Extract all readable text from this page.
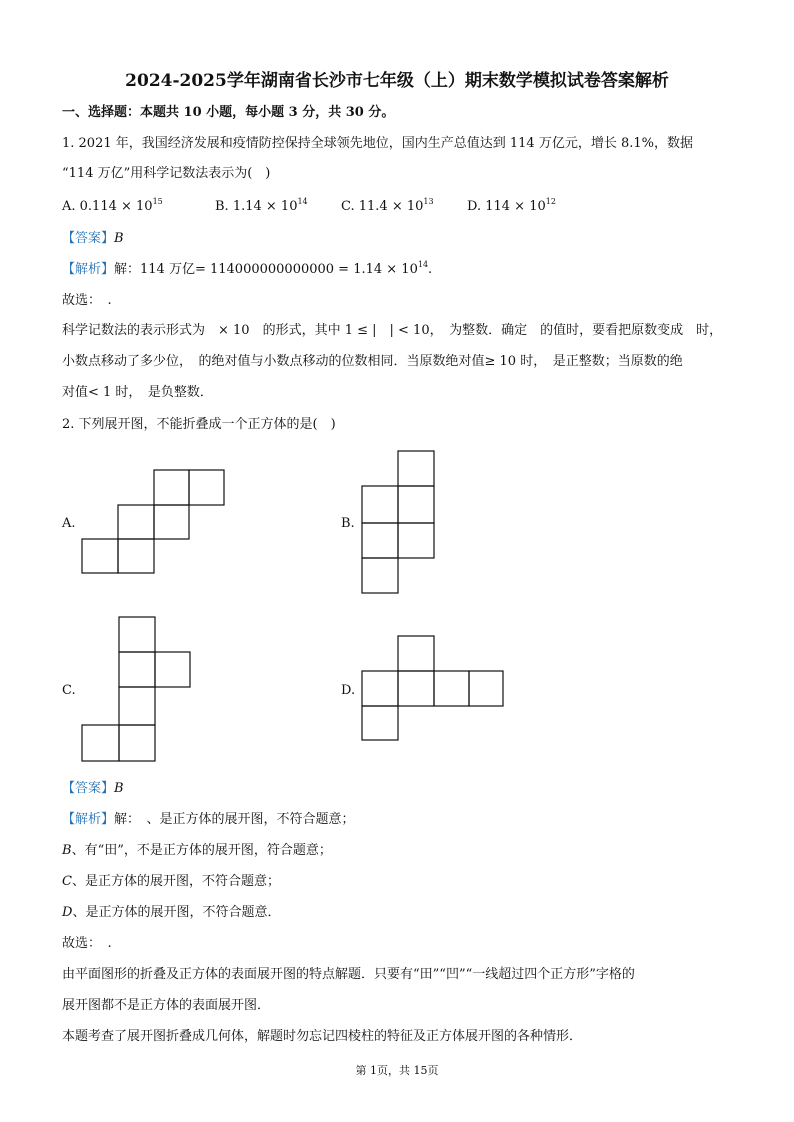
2024-2025学年湖南省长沙市七年级（上）期末数学模拟试卷答案解析
一、选择题：本题共 10 小题，每小题 3 分，共 30 分。
1. 2021 年，我国经济发展和疫情防控保持全球领先地位，国内生产总值达到 114 万亿元，增长 8.1%，数据
“114 万亿”用科学记数法表示为(　)
A. $0.114 \times 10^{15}$	B. $1.14 \times 10^{14}$	C. $11.4 \times 10^{13}$	D. $114 \times 10^{12}$
【答案】B
【解析】解：114 万亿= $114000000000000 = 1.14 \times 10^{14}$.
故选：　.
科学记数法的表示形式为　× 10　的形式，其中 1 ≤ |　| < 10，　为整数．确定　的值时，要看把原数变成　时，
小数点移动了多少位，　的绝对值与小数点移动的位数相同．当原数绝对值≥ 10 时，　是正整数；当原数的绝
对值< 1 时，　是负整数．
2. 下列展开图，不能折叠成一个正方体的是(　)
A.	B.
C.	D.
【答案】B
【解析】解：　、是正方体的展开图，不符合题意；
B、有“田”，不是正方体的展开图，符合题意；
C、是正方体的展开图，不符合题意；
D、是正方体的展开图，不符合题意．
故选：　.
由平面图形的折叠及正方体的表面展开图的特点解题．只要有“田”“凹”“一线超过四个正方形”字格的
展开图都不是正方体的表面展开图．
本题考查了展开图折叠成几何体，解题时勿忘记四棱柱的特征及正方体展开图的各种情形．
第 1页，共 15页
